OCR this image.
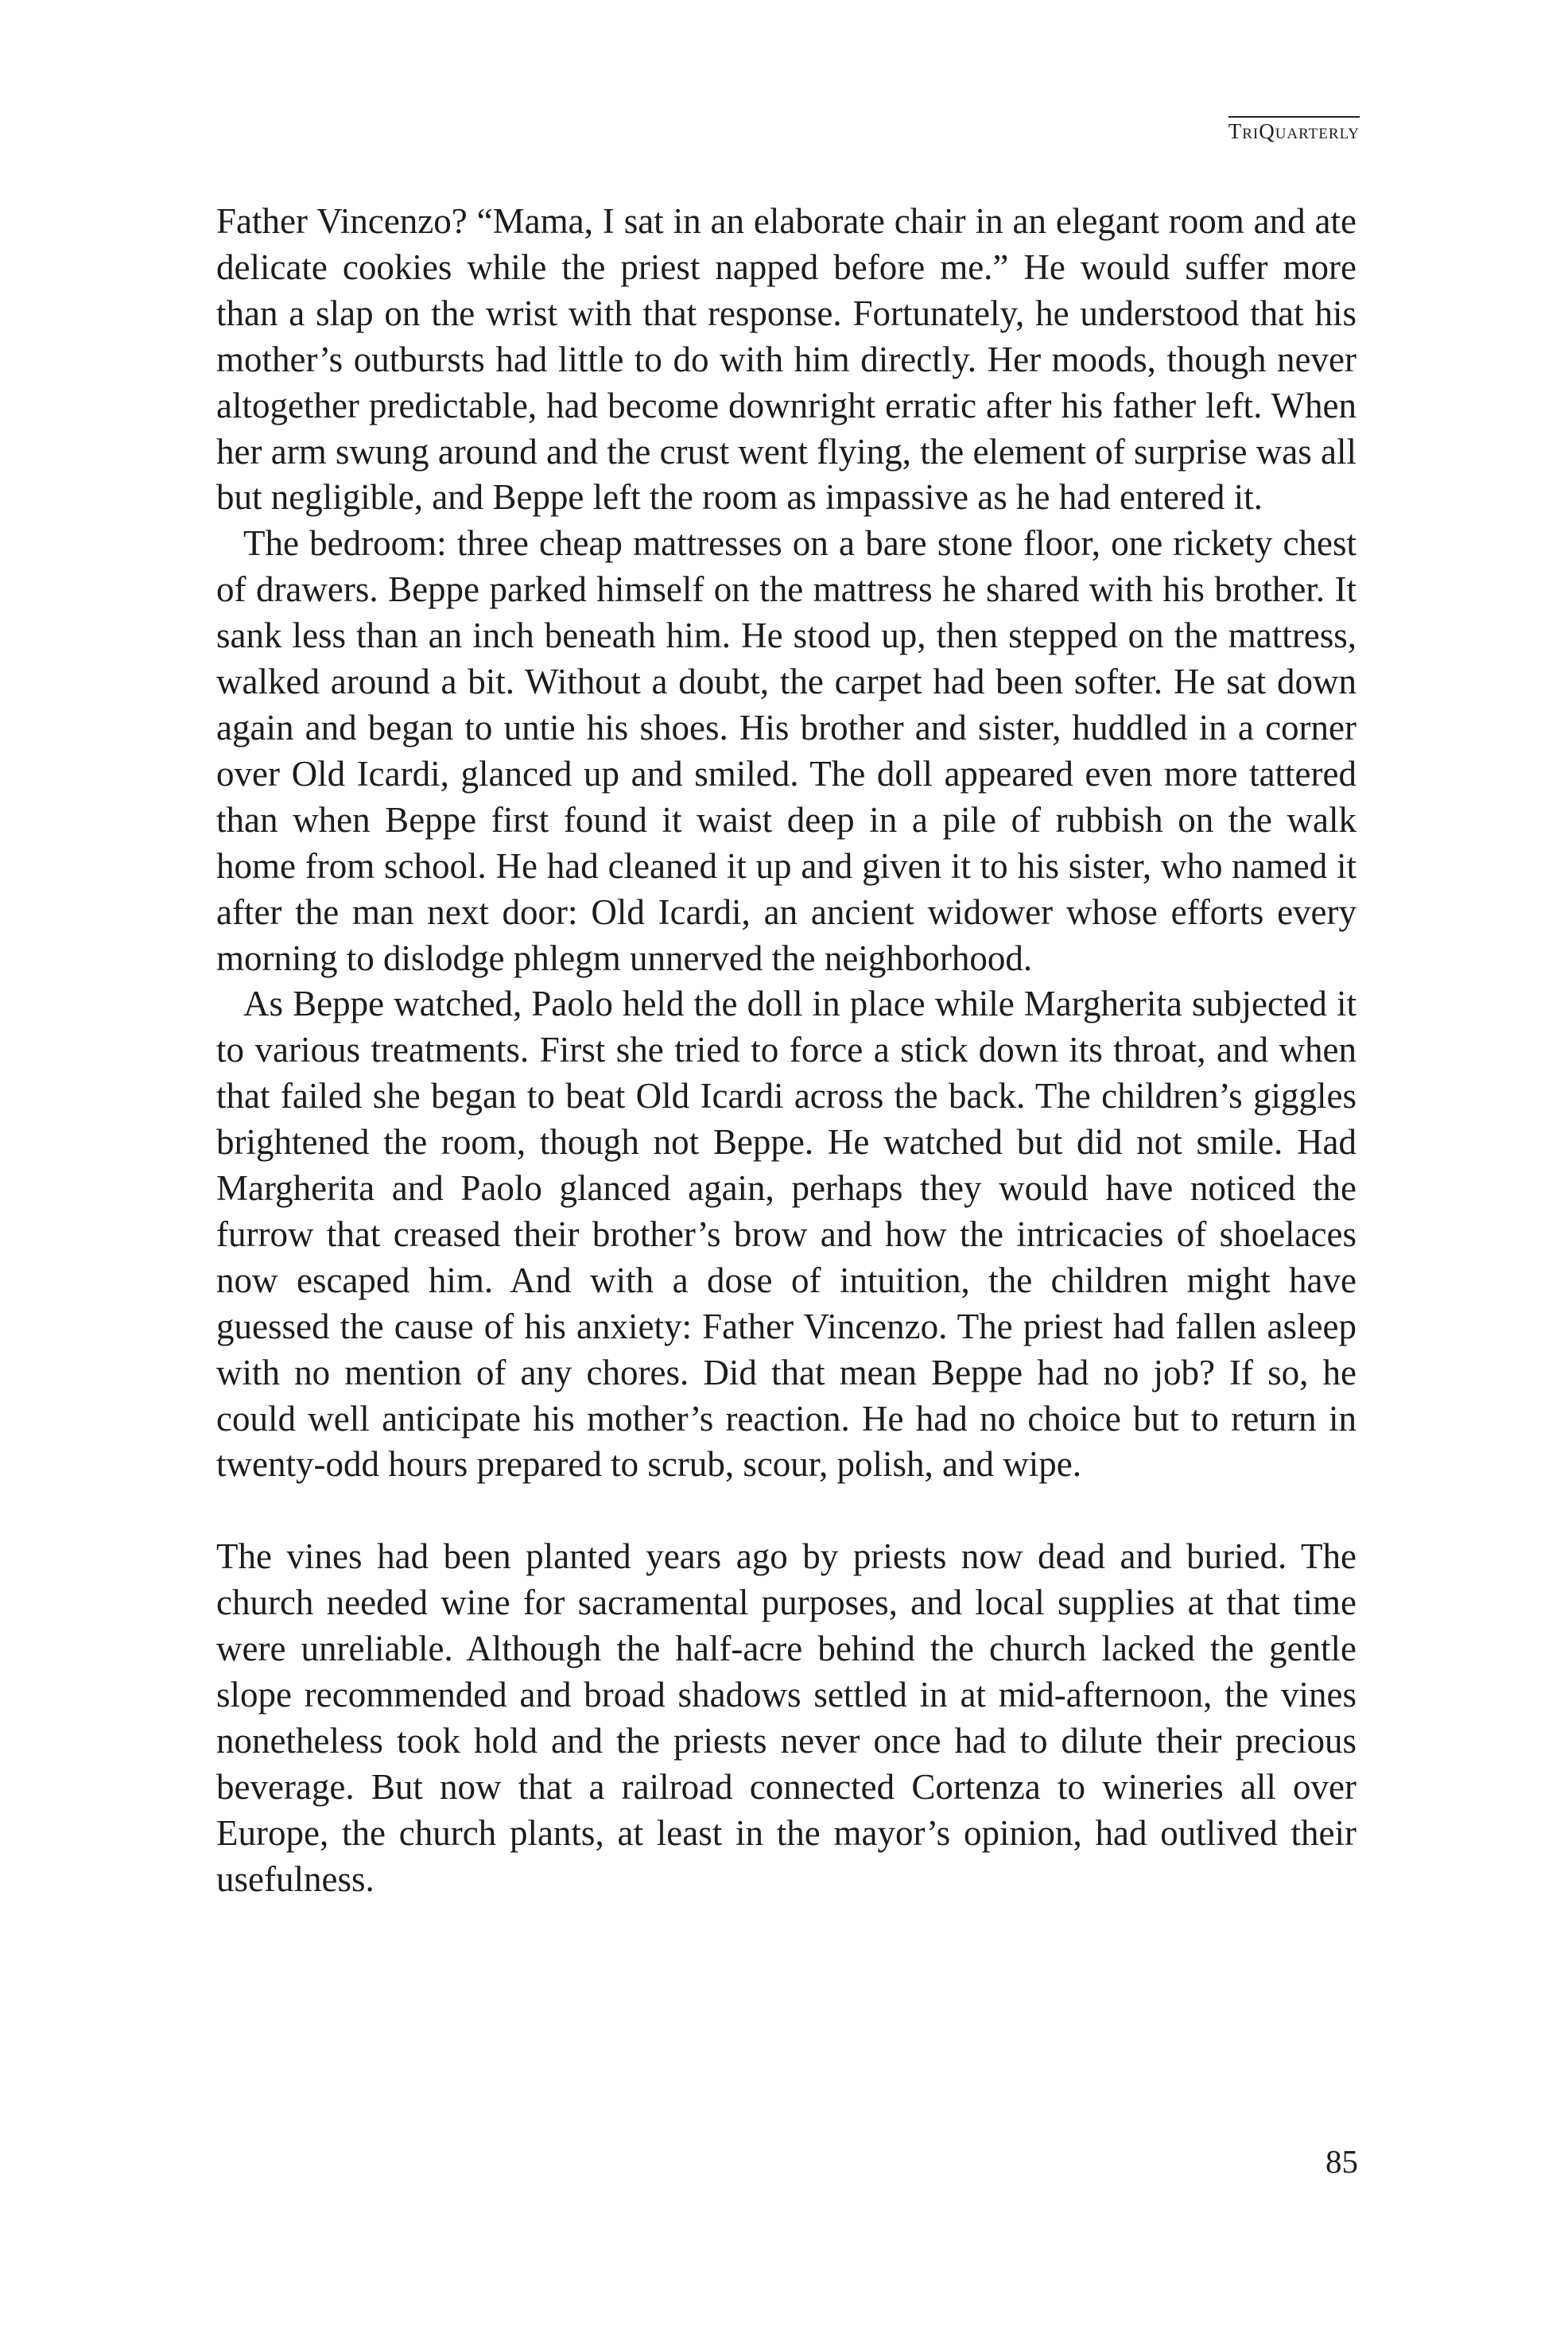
TriQuarterly

Father Vincenzo? “Mama, I sat in an elaborate chair in an elegant room and ate delicate cookies while the priest napped before me.” He would suffer more than a slap on the wrist with that response. Fortunately, he understood that his mother’s outbursts had little to do with him directly. Her moods, though never altogether predictable, had become downright erratic after his father left. When her arm swung around and the crust went flying, the element of surprise was all but negligible, and Beppe left the room as impassive as he had entered it.

The bedroom: three cheap mattresses on a bare stone floor, one rickety chest of drawers. Beppe parked himself on the mattress he shared with his brother. It sank less than an inch beneath him. He stood up, then stepped on the mattress, walked around a bit. Without a doubt, the carpet had been softer. He sat down again and began to untie his shoes. His brother and sister, huddled in a corner over Old Icardi, glanced up and smiled. The doll appeared even more tattered than when Beppe first found it waist deep in a pile of rubbish on the walk home from school. He had cleaned it up and given it to his sister, who named it after the man next door: Old Icardi, an ancient widower whose efforts every morning to dislodge phlegm unnerved the neighborhood.

As Beppe watched, Paolo held the doll in place while Margherita subjected it to various treatments. First she tried to force a stick down its throat, and when that failed she began to beat Old Icardi across the back. The children’s giggles brightened the room, though not Beppe. He watched but did not smile. Had Margherita and Paolo glanced again, perhaps they would have noticed the furrow that creased their brother’s brow and how the intricacies of shoelaces now escaped him. And with a dose of intuition, the children might have guessed the cause of his anxiety: Father Vincenzo. The priest had fallen asleep with no mention of any chores. Did that mean Beppe had no job? If so, he could well anticipate his mother’s reaction. He had no choice but to return in twenty-odd hours prepared to scrub, scour, polish, and wipe.

The vines had been planted years ago by priests now dead and buried. The church needed wine for sacramental purposes, and local supplies at that time were unreliable. Although the half-acre behind the church lacked the gentle slope recommended and broad shadows settled in at mid-afternoon, the vines nonetheless took hold and the priests never once had to dilute their precious beverage. But now that a railroad connected Cortenza to wineries all over Europe, the church plants, at least in the mayor’s opinion, had outlived their usefulness.

85
